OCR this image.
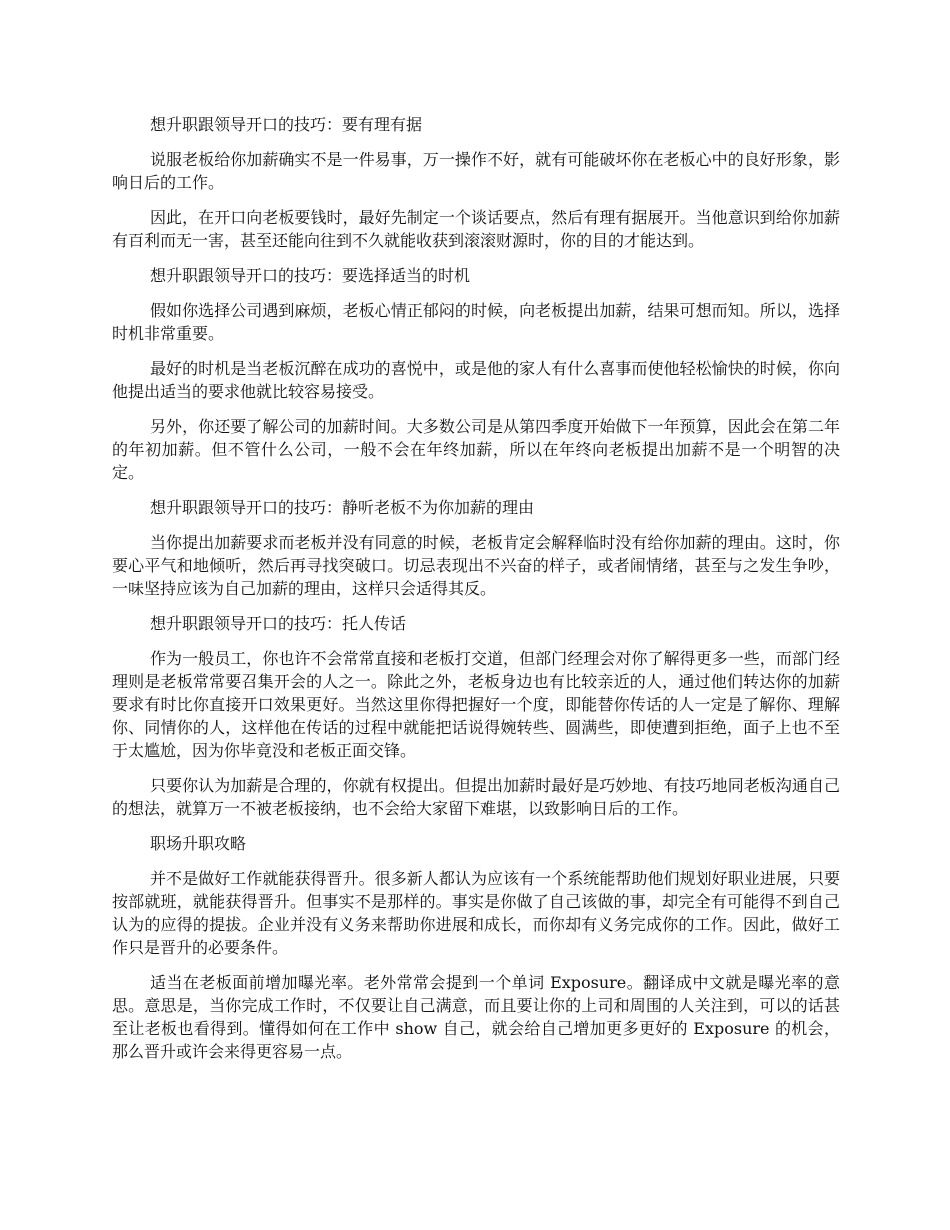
想升职跟领导开口的技巧：要有理有据

说服老板给你加薪确实不是一件易事，万一操作不好，就有可能破坏你在老板心中的良好形象，影响日后的工作。

因此，在开口向老板要钱时，最好先制定一个谈话要点，然后有理有据展开。当他意识到给你加薪有百利而无一害，甚至还能向往到不久就能收获到滚滚财源时，你的目的才能达到。

想升职跟领导开口的技巧：要选择适当的时机

假如你选择公司遇到麻烦，老板心情正郁闷的时候，向老板提出加薪，结果可想而知。所以，选择时机非常重要。

最好的时机是当老板沉醉在成功的喜悦中，或是他的家人有什么喜事而使他轻松愉快的时候，你向他提出适当的要求他就比较容易接受。

另外，你还要了解公司的加薪时间。大多数公司是从第四季度开始做下一年预算，因此会在第二年的年初加薪。但不管什么公司，一般不会在年终加薪，所以在年终向老板提出加薪不是一个明智的决定。

想升职跟领导开口的技巧：静听老板不为你加薪的理由

当你提出加薪要求而老板并没有同意的时候，老板肯定会解释临时没有给你加薪的理由。这时，你要心平气和地倾听，然后再寻找突破口。切忌表现出不兴奋的样子，或者闹情绪，甚至与之发生争吵，一味坚持应该为自己加薪的理由，这样只会适得其反。

想升职跟领导开口的技巧：托人传话

作为一般员工，你也许不会常常直接和老板打交道，但部门经理会对你了解得更多一些，而部门经理则是老板常常要召集开会的人之一。除此之外，老板身边也有比较亲近的人，通过他们转达你的加薪要求有时比你直接开口效果更好。当然这里你得把握好一个度，即能替你传话的人一定是了解你、理解你、同情你的人，这样他在传话的过程中就能把话说得婉转些、圆满些，即使遭到拒绝，面子上也不至于太尴尬，因为你毕竟没和老板正面交锋。

只要你认为加薪是合理的，你就有权提出。但提出加薪时最好是巧妙地、有技巧地同老板沟通自己的想法，就算万一不被老板接纳，也不会给大家留下难堪，以致影响日后的工作。

职场升职攻略

并不是做好工作就能获得晋升。很多新人都认为应该有一个系统能帮助他们规划好职业进展，只要按部就班，就能获得晋升。但事实不是那样的。事实是你做了自己该做的事，却完全有可能得不到自己认为的应得的提拔。企业并没有义务来帮助你进展和成长，而你却有义务完成你的工作。因此，做好工作只是晋升的必要条件。

适当在老板面前增加曝光率。老外常常会提到一个单词 Exposure。翻译成中文就是曝光率的意思。意思是，当你完成工作时，不仅要让自己满意，而且要让你的上司和周围的人关注到，可以的话甚至让老板也看得到。懂得如何在工作中 show 自己，就会给自己增加更多更好的 Exposure 的机会，那么晋升或许会来得更容易一点。
